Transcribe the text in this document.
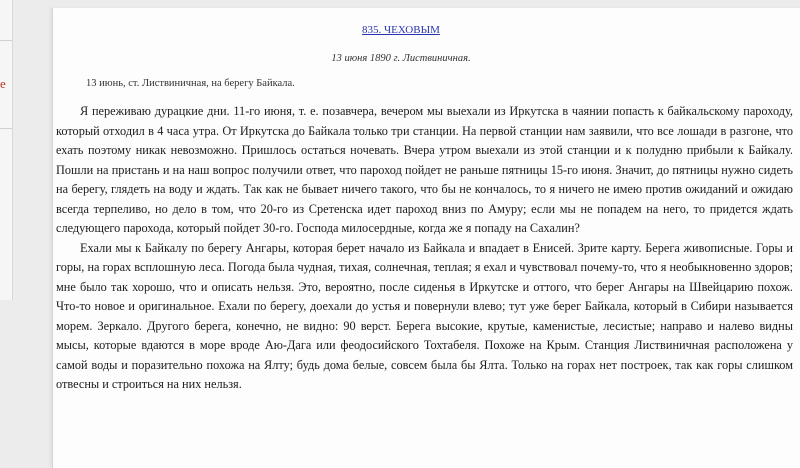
e
835. ЧЕХОВЫМ
13 июня 1890 г. Листвиничная.
13 июнь, ст. Листвиничная, на берегу Байкала.

Я переживаю дурацкие дни. 11-го июня, т. е. позавчера, вечером мы выехали из Иркутска в чаянии попасть к байкальскому пароходу, который отходил в 4 часа утра. От Иркутска до Байкала только три станции. На первой станции нам заявили, что все лошади в разгоне, что ехать поэтому никак невозможно. Пришлось остаться ночевать. Вчера утром выехали из этой станции и к полудню прибыли к Байкалу. Пошли на пристань и на наш вопрос получили ответ, что пароход пойдет не раньше пятницы 15-го июня. Значит, до пятницы нужно сидеть на берегу, глядеть на воду и ждать. Так как не бывает ничего такого, что бы не кончалось, то я ничего не имею против ожиданий и ожидаю всегда терпеливо, но дело в том, что 20-го из Сретенска идет пароход вниз по Амуру; если мы не попадем на него, то придется ждать следующего парохода, который пойдет 30-го. Господа милосердные, когда же я попаду на Сахалин?

Ехали мы к Байкалу по берегу Ангары, которая берет начало из Байкала и впадает в Енисей. Зрите карту. Берега живописные. Горы и горы, на горах всплошную леса. Погода была чудная, тихая, солнечная, теплая; я ехал и чувствовал почему-то, что я необыкновенно здоров; мне было так хорошо, что и описать нельзя. Это, вероятно, после сиденья в Иркутске и оттого, что берег Ангары на Швейцарию похож. Что-то новое и оригинальное. Ехали по берегу, доехали до устья и повернули влево; тут уже берег Байкала, который в Сибири называется морем. Зеркало. Другого берега, конечно, не видно: 90 верст. Берега высокие, крутые, каменистые, лесистые; направо и налево видны мысы, которые вдаются в море вроде Аю-Дага или феодосийского Тохтабеля. Похоже на Крым. Станция Листвиничная расположена у самой воды и поразительно похожа на Ялту; будь дома белые, совсем была бы Ялта. Только на горах нет построек, так как горы слишком отвесны и строиться на них нельзя.
